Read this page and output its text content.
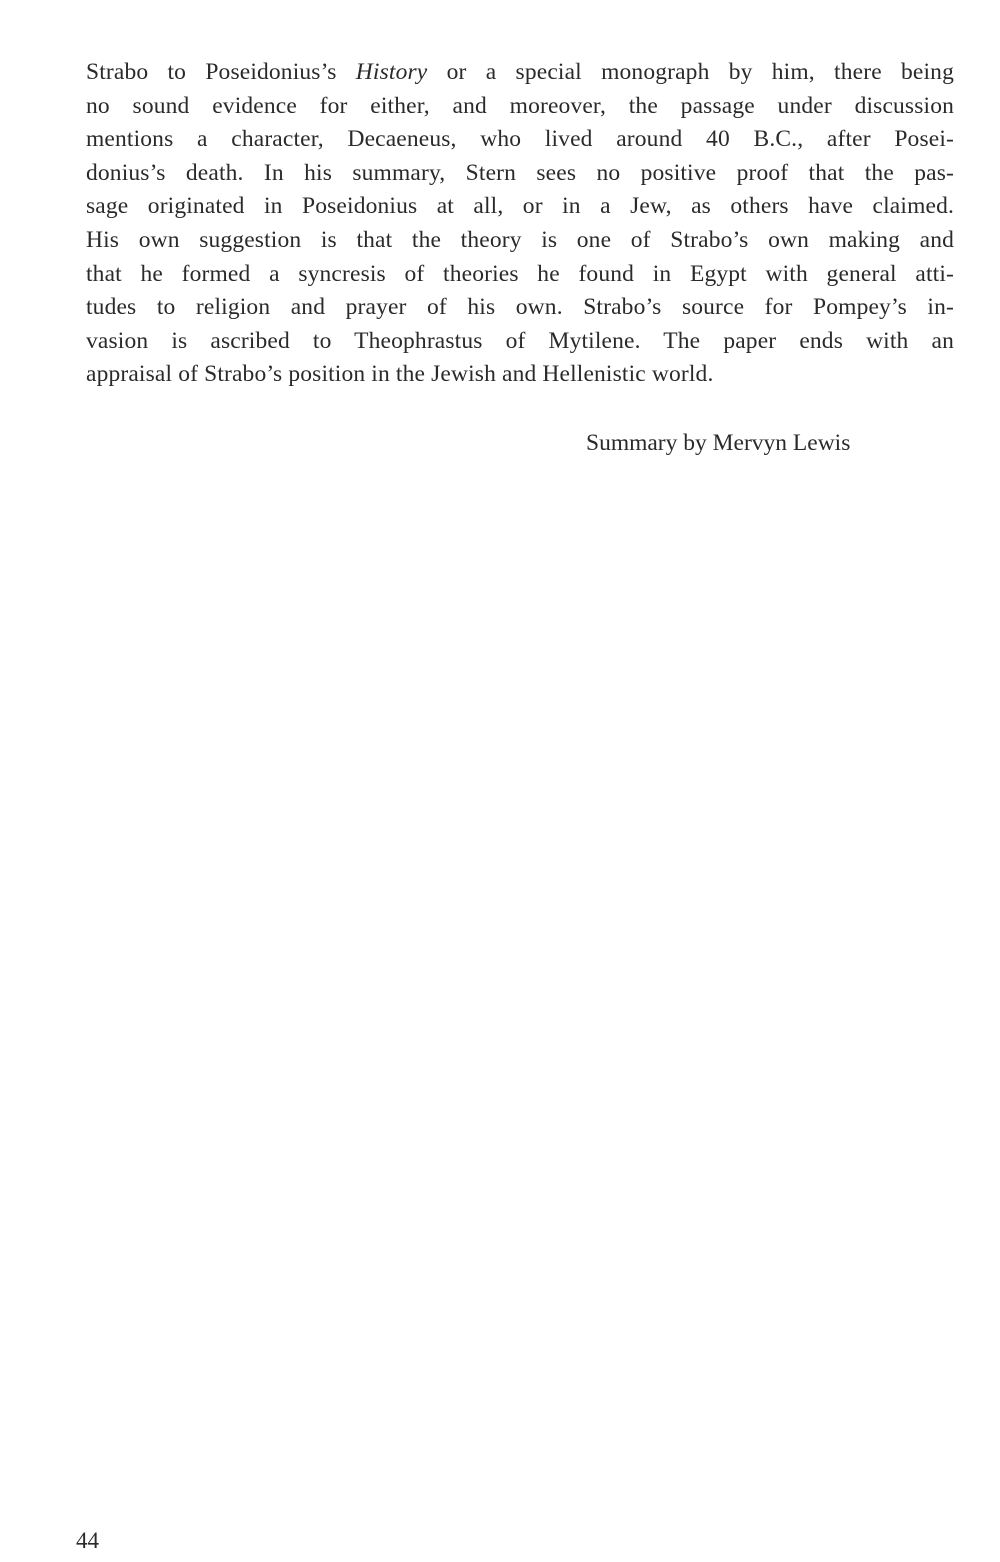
Strabo to Poseidonius’s History or a special monograph by him, there being
no sound evidence for either, and moreover, the passage under discussion
mentions a character, Decaeneus, who lived around 40 B.C., after Posei-
donius’s death. In his summary, Stern sees no positive proof that the pas-
sage originated in Poseidonius at all, or in a Jew, as others have claimed.
His own suggestion is that the theory is one of Strabo’s own making and
that he formed a syncresis of theories he found in Egypt with general atti-
tudes to religion and prayer of his own. Strabo’s source for Pompey’s in-
vasion is ascribed to Theophrastus of Mytilene. The paper ends with an
appraisal of Strabo’s position in the Jewish and Hellenistic world.
Summary by Mervyn Lewis
44
